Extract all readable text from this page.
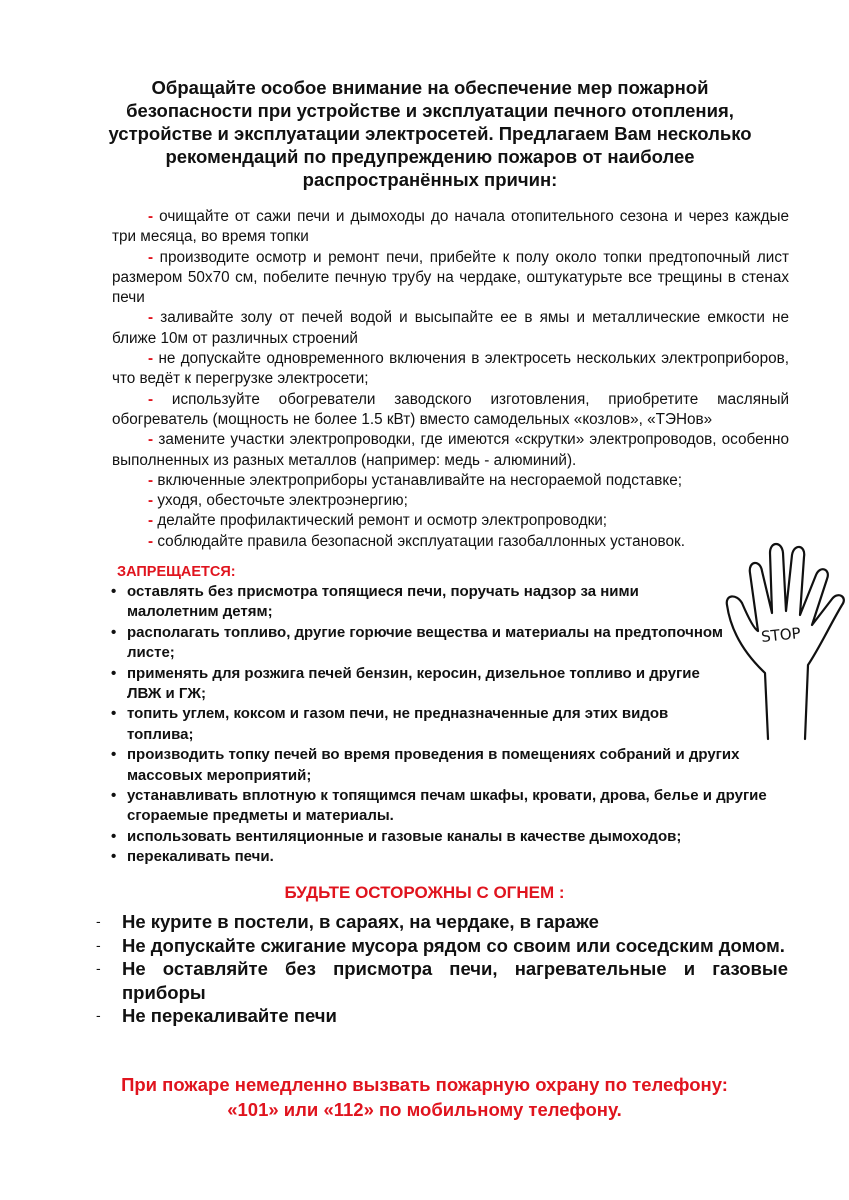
Обращайте особое внимание на обеспечение мер пожарной безопасности при устройстве и эксплуатации печного отопления, устройстве и эксплуатации электросетей. Предлагаем Вам несколько рекомендаций по предупреждению пожаров от наиболее распространённых причин:
- очищайте от сажи печи и дымоходы до начала отопительного сезона и через каждые три месяца, во время топки
- производите осмотр и ремонт печи, прибейте к полу около топки предтопочный лист размером 50х70 см, побелите печную трубу на чердаке, оштукатурьте все трещины в стенах печи
- заливайте золу от печей водой и высыпайте ее в ямы и металлические емкости не ближе 10м от различных строений
- не допускайте одновременного включения в электросеть нескольких электроприборов, что ведёт к перегрузке электросети;
- используйте обогреватели заводского изготовления, приобретите масляный обогреватель (мощность не более 1.5 кВт) вместо самодельных «козлов», «ТЭНов»
- замените участки электропроводки, где имеются «скрутки» электропроводов, особенно выполненных из разных металлов (например: медь - алюминий).
- включенные электроприборы устанавливайте на несгораемой подставке;
- уходя, обесточьте электроэнергию;
- делайте профилактический ремонт и осмотр электропроводки;
- соблюдайте правила безопасной эксплуатации газобаллонных установок.
ЗАПРЕЩАЕТСЯ:
• оставлять без присмотра топящиеся печи, поручать надзор за ними малолетним детям;
• располагать топливо, другие горючие вещества и материалы на предтопочном листе;
• применять для розжига печей бензин, керосин, дизельное топливо и другие ЛВЖ и ГЖ;
• топить углем, коксом и газом печи, не предназначенные для этих видов топлива;
• производить топку печей во время проведения в помещениях собраний и других массовых мероприятий;
• устанавливать вплотную к топящимся печам шкафы, кровати, дрова, белье и другие сгораемые предметы и материалы.
• использовать вентиляционные и газовые каналы в качестве дымоходов;
• перекаливать печи.
STOP
БУДЬТЕ ОСТОРОЖНЫ С ОГНЕМ :
- Не курите в постели, в сараях, на чердаке, в гараже
- Не допускайте сжигание мусора рядом со своим или соседским домом.
- Не оставляйте без присмотра печи, нагревательные и газовые приборы
- Не перекаливайте печи
При пожаре немедленно вызвать пожарную охрану по телефону:
«101» или «112» по мобильному телефону.
